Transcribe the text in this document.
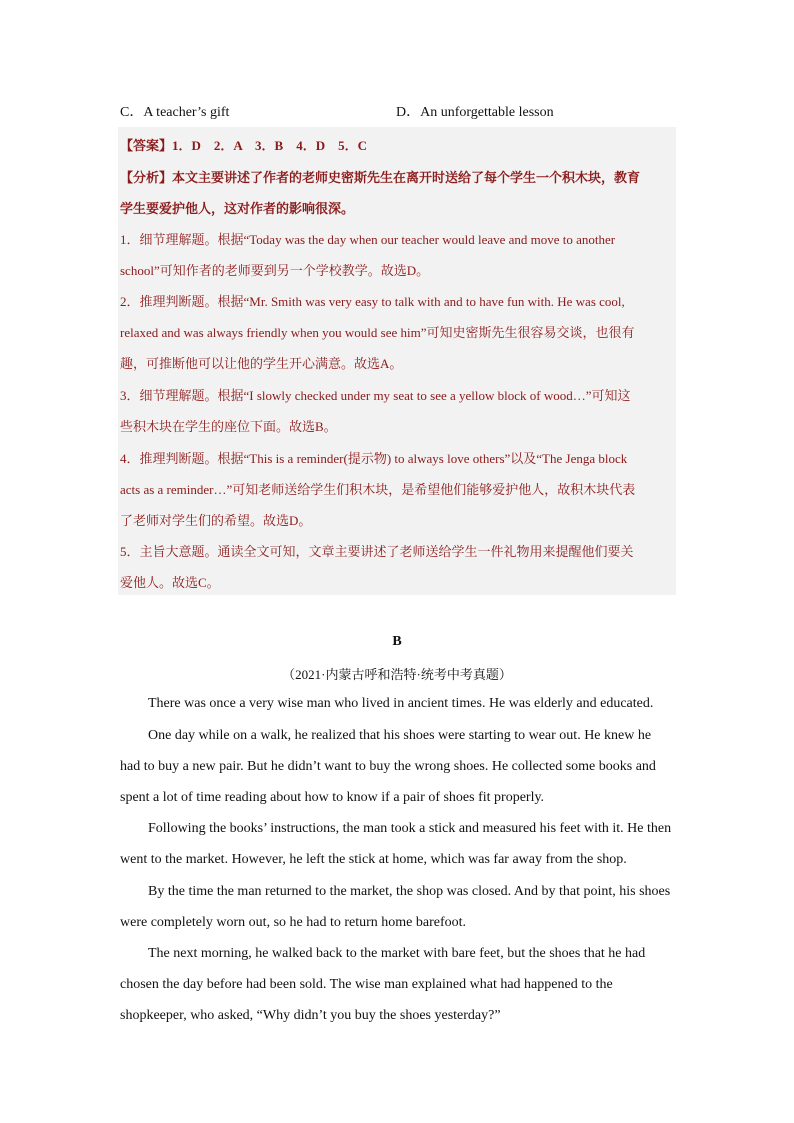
C．A teacher’s gift	D．An unforgettable lesson
【答案】1．D　2．A　3．B　4．D　5．C
【分析】本文主要讲述了作者的老师史密斯先生在离开时送给了每个学生一个积木块，教育
学生要爱护他人，这对作者的影响很深。
1．细节理解题。根据“Today was the day when our teacher would leave and move to another
school”可知作者的老师要到另一个学校教学。故选D。
2．推理判断题。根据“Mr. Smith was very easy to talk with and to have fun with. He was cool,
relaxed and was always friendly when you would see him”可知史密斯先生很容易交谈，也很有
趣，可推断他可以让他的学生开心满意。故选A。
3．细节理解题。根据“I slowly checked under my seat to see a yellow block of wood…”可知这
些积木块在学生的座位下面。故选B。
4．推理判断题。根据“This is a reminder(提示物) to always love others”以及“The Jenga block
acts as a reminder…”可知老师送给学生们积木块，是希望他们能够爱护他人，故积木块代表
了老师对学生们的希望。故选D。
5．主旨大意题。通读全文可知，文章主要讲述了老师送给学生一件礼物用来提醒他们要关
爱他人。故选C。
B
（2021·内蒙古呼和浩特·统考中考真题）
There was once a very wise man who lived in ancient times. He was elderly and educated.
One day while on a walk, he realized that his shoes were starting to wear out. He knew he
had to buy a new pair. But he didn’t want to buy the wrong shoes. He collected some books and
spent a lot of time reading about how to know if a pair of shoes fit properly.
Following the books’ instructions, the man took a stick and measured his feet with it. He then
went to the market. However, he left the stick at home, which was far away from the shop.
By the time the man returned to the market, the shop was closed. And by that point, his shoes
were completely worn out, so he had to return home barefoot.
The next morning, he walked back to the market with bare feet, but the shoes that he had
chosen the day before had been sold. The wise man explained what had happened to the
shopkeeper, who asked, “Why didn’t you buy the shoes yesterday?”
